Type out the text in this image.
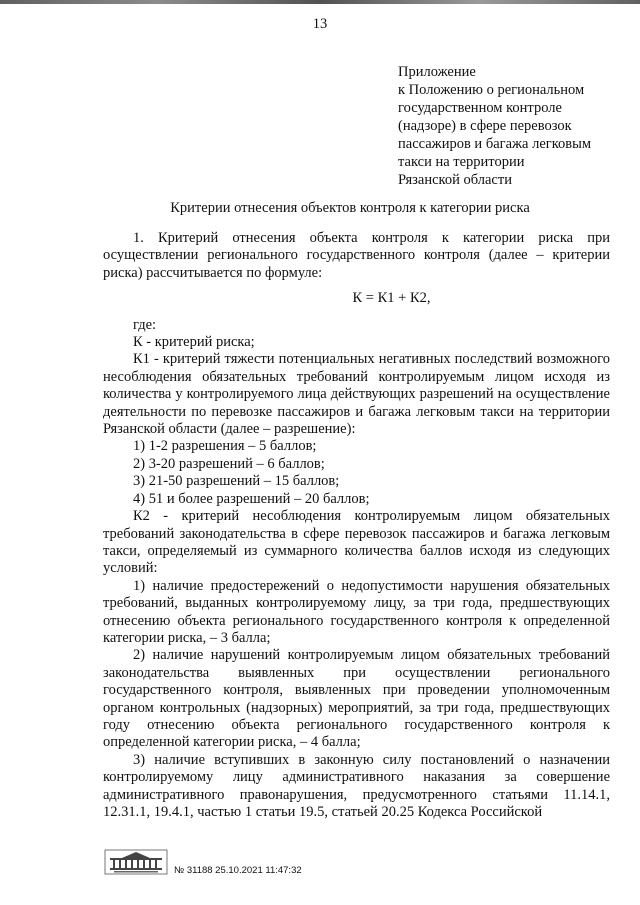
13
Приложение
к Положению о региональном
государственном контроле
(надзоре) в сфере перевозок
пассажиров и багажа легковым
такси на территории
Рязанской области
Критерии отнесения объектов контроля к категории риска

1. Критерий отнесения объекта контроля к категории риска при осуществлении регионального государственного контроля (далее – критерии риска) рассчитывается по формуле:

К = К1 + К2,

где:

К - критерий риска;

К1 - критерий тяжести потенциальных негативных последствий возможного несоблюдения обязательных требований контролируемым лицом исходя из количества у контролируемого лица действующих разрешений на осуществление деятельности по перевозке пассажиров и багажа легковым такси на территории Рязанской области (далее – разрешение):

1) 1-2 разрешения – 5 баллов;

2) 3-20 разрешений – 6 баллов;

3) 21-50 разрешений – 15 баллов;

4) 51 и более разрешений – 20 баллов;

К2 - критерий несоблюдения контролируемым лицом обязательных требований законодательства в сфере перевозок пассажиров и багажа легковым такси, определяемый из суммарного количества баллов исходя из следующих условий:

1) наличие предостережений о недопустимости нарушения обязательных требований, выданных контролируемому лицу, за три года, предшествующих отнесению объекта регионального государственного контроля к определенной категории риска, – 3 балла;

2) наличие нарушений контролируемым лицом обязательных требований законодательства выявленных при осуществлении регионального государственного контроля, выявленных при проведении уполномоченным органом контрольных (надзорных) мероприятий, за три года, предшествующих году отнесению объекта регионального государственного контроля к определенной категории риска, – 4 балла;

3) наличие вступивших в законную силу постановлений о назначении контролируемому лицу административного наказания за совершение административного правонарушения, предусмотренного статьями 11.14.1, 12.31.1, 19.4.1, частью 1 статьи 19.5, статьей 20.25 Кодекса Российской

№ 31188 25.10.2021 11:47:32
